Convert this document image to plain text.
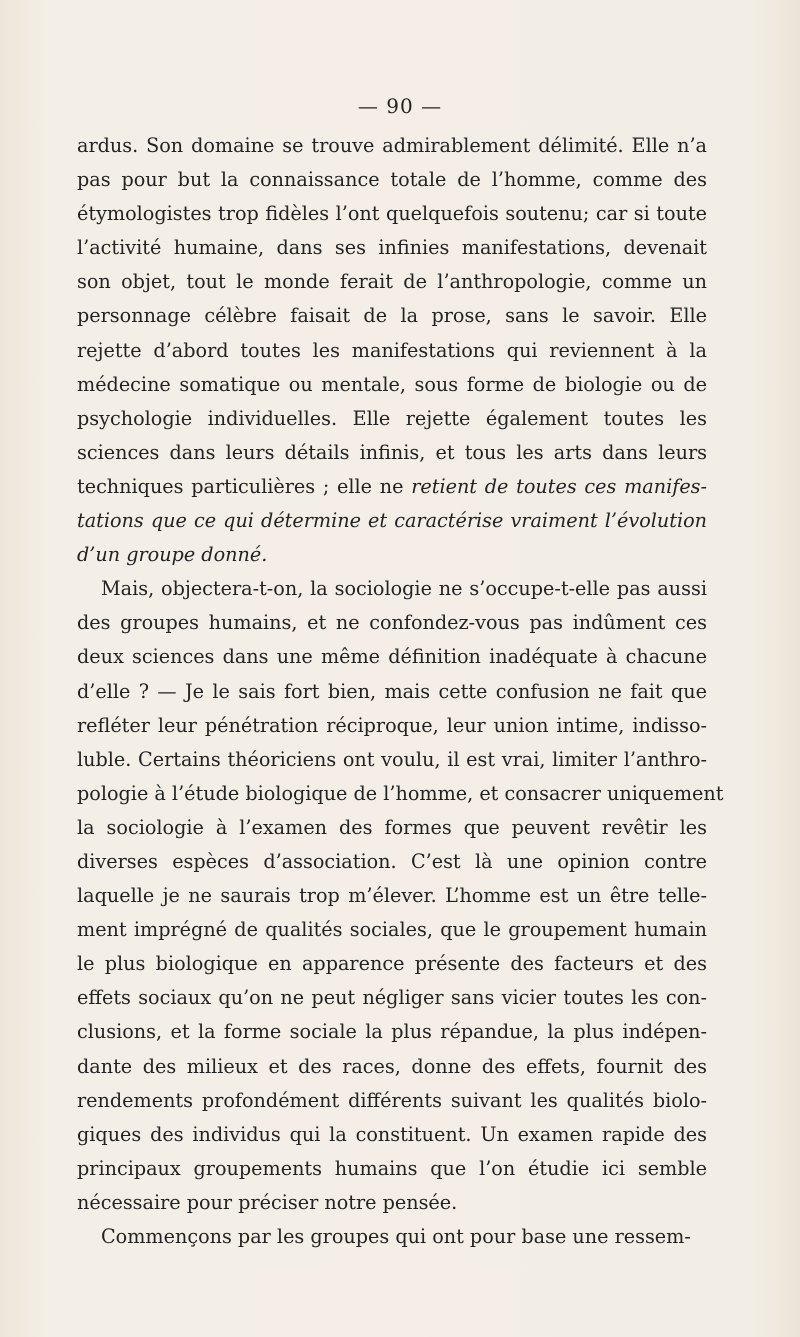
— 90 —
ardus. Son domaine se trouve admirablement délimité. Elle n’a
pas pour but la connaissance totale de l’homme, comme des
étymologistes trop fidèles l’ont quelquefois soutenu; car si toute
l’activité humaine, dans ses infinies manifestations, devenait
son objet, tout le monde ferait de l’anthropologie, comme un
personnage célèbre faisait de la prose, sans le savoir. Elle
rejette d’abord toutes les manifestations qui reviennent à la
médecine somatique ou mentale, sous forme de biologie ou de
psychologie individuelles. Elle rejette également toutes les
sciences dans leurs détails infinis, et tous les arts dans leurs
techniques particulières ; elle ne retient de toutes ces manifes-
tations que ce qui détermine et caractérise vraiment l’évolution
d’un groupe donné.
Mais, objectera-t-on, la sociologie ne s’occupe-t-elle pas aussi
des groupes humains, et ne confondez-vous pas indûment ces
deux sciences dans une même définition inadéquate à chacune
d’elle ? — Je le sais fort bien, mais cette confusion ne fait que
refléter leur pénétration réciproque, leur union intime, indisso-
luble. Certains théoriciens ont voulu, il est vrai, limiter l’anthro-
pologie à l’étude biologique de l’homme, et consacrer uniquement
la sociologie à l’examen des formes que peuvent revêtir les
diverses espèces d’association. C’est là une opinion contre
laquelle je ne saurais trop m’élever. L’homme est un être telle-
ment imprégné de qualités sociales, que le groupement humain
le plus biologique en apparence présente des facteurs et des
effets sociaux qu’on ne peut négliger sans vicier toutes les con-
clusions, et la forme sociale la plus répandue, la plus indépen-
dante des milieux et des races, donne des effets, fournit des
rendements profondément différents suivant les qualités biolo-
giques des individus qui la constituent. Un examen rapide des
principaux groupements humains que l’on étudie ici semble
nécessaire pour préciser notre pensée.
Commençons par les groupes qui ont pour base une ressem-
